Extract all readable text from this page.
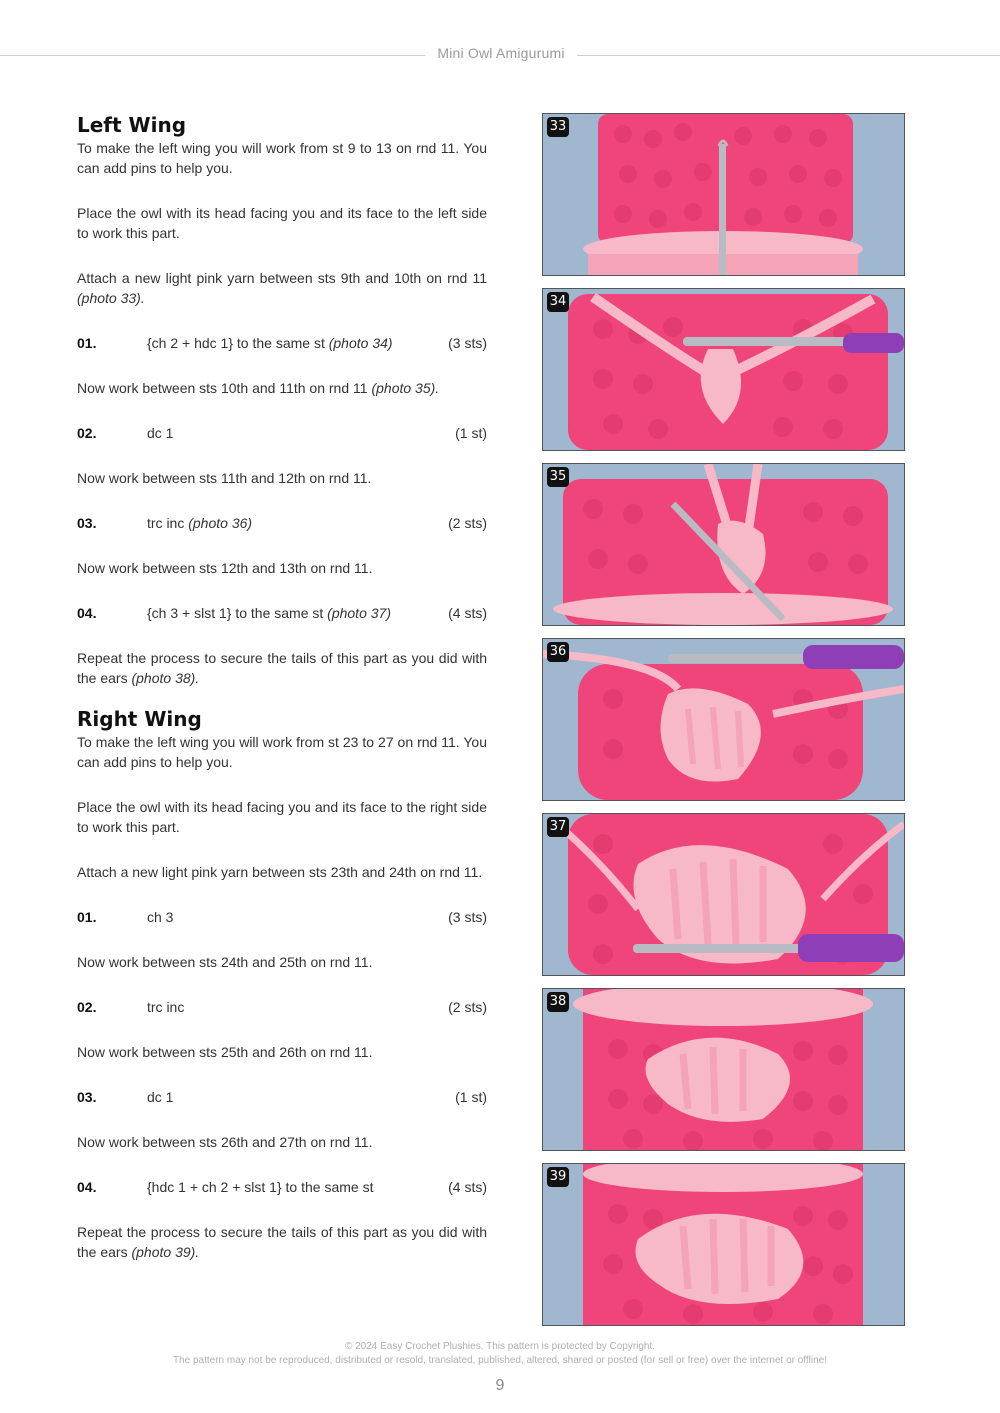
Mini Owl Amigurumi
Left Wing

To make the left wing you will work from st 9 to 13 on rnd 11. You can add pins to help you.

Place the owl with its head facing you and its face to the left side to work this part.

Attach a new light pink yarn between sts 9th and 10th on rnd 11 (photo 33).

01.	{ch 2 + hdc 1} to the same st (photo 34)	(3 sts)

Now work between sts 10th and 11th on rnd 11 (photo 35).

02.	dc 1	(1 st)

Now work between sts 11th and 12th on rnd 11.

03.	trc inc (photo 36)	(2 sts)

Now work between sts 12th and 13th on rnd 11.

04.	{ch 3 + slst 1} to the same st (photo 37)	(4 sts)

Repeat the process to secure the tails of this part as you did with the ears (photo 38).

Right Wing

To make the left wing you will work from st 23 to 27 on rnd 11. You can add pins to help you.

Place the owl with its head facing you and its face to the right side to work this part.

Attach a new light pink yarn between sts 23th and 24th on rnd 11.

01.	ch 3	(3 sts)

Now work between sts 24th and 25th on rnd 11.

02.	trc inc	(2 sts)

Now work between sts 25th and 26th on rnd 11.

03.	dc 1	(1 st)

Now work between sts 26th and 27th on rnd 11.

04.	{hdc 1 + ch 2 + slst 1} to the same st	(4 sts)

Repeat the process to secure the tails of this part as you did with the ears (photo 39).

33
34
35
36
37
38
39
© 2024 Easy Crochet Plushies. This pattern is protected by Copyright.
The pattern may not be reproduced, distributed or resold, translated, published, altered, shared or posted (for sell or free) over the internet or offline!
9
